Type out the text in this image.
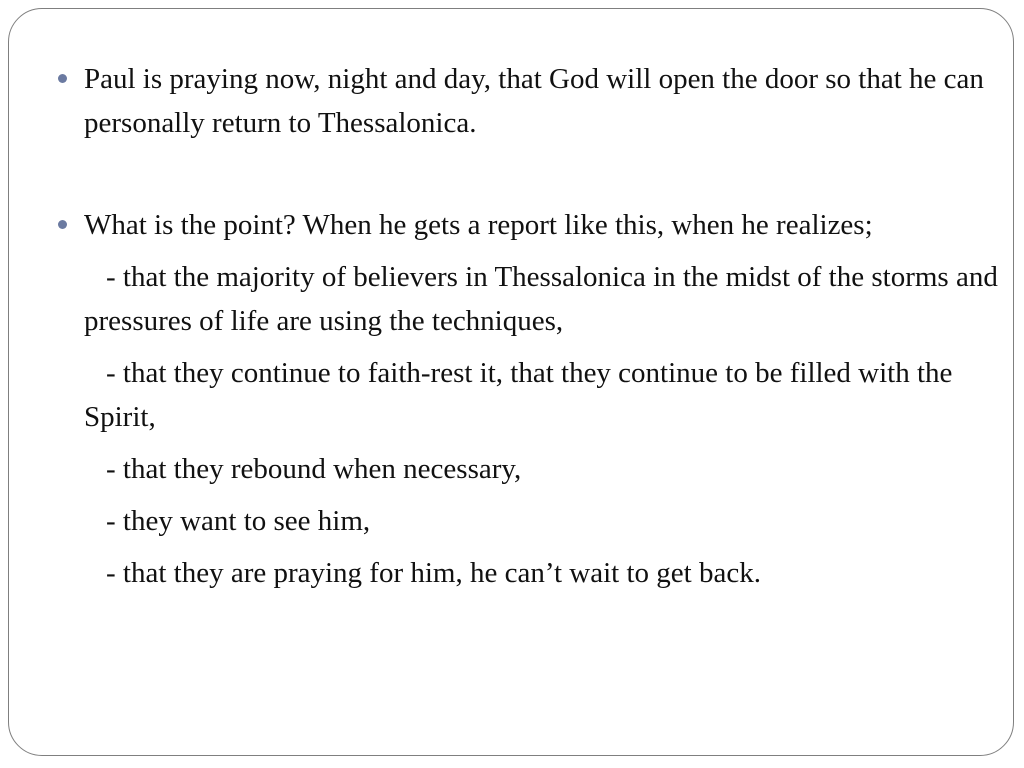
Paul is praying now, night and day, that God will open the door so that he can personally return to Thessalonica.

What is the point? When he gets a report like this, when he realizes;

- that the majority of believers in Thessalonica in the midst of the storms and pressures of life are using the techniques,

- that they continue to faith-rest it, that they continue to be filled with the Spirit,

- that they rebound when necessary,

- they want to see him,

- that they are praying for him, he can’t wait to get back.
